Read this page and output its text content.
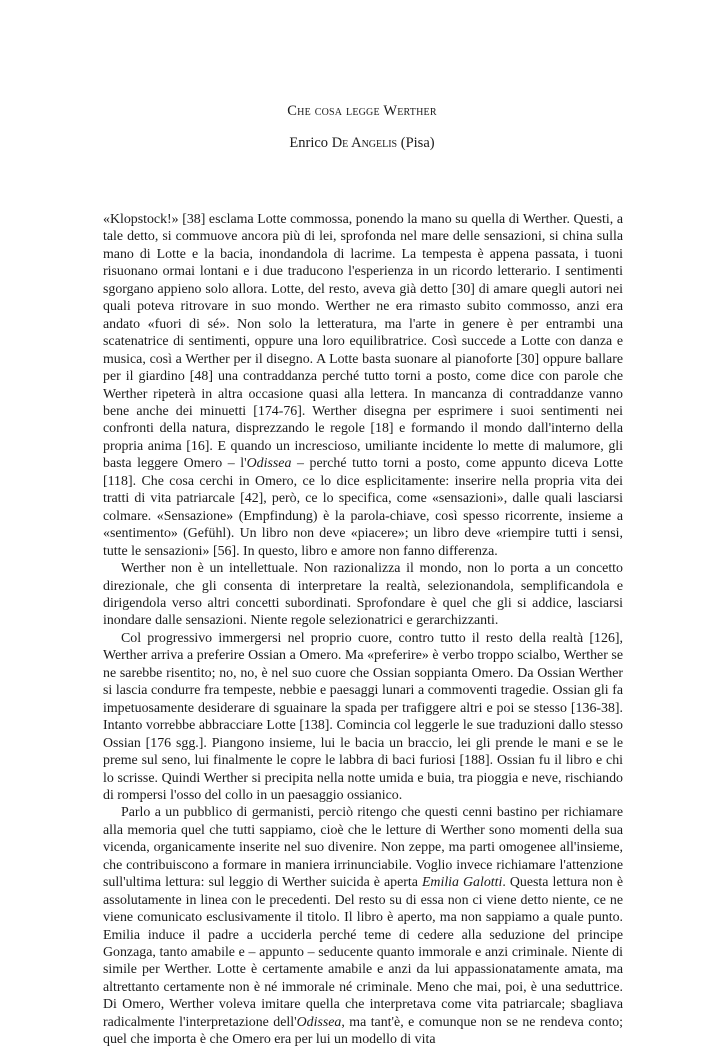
Che cosa legge Werther
Enrico De Angelis (Pisa)

«Klopstock!» [38] esclama Lotte commossa, ponendo la mano su quella di Werther. Questi, a tale detto, si commuove ancora più di lei, sprofonda nel mare delle sensazioni, si china sulla mano di Lotte e la bacia, inondandola di lacrime. La tempesta è appena passata, i tuoni risuonano ormai lontani e i due traducono l'esperienza in un ricordo letterario. I sentimenti sgorgano appieno solo allora. Lotte, del resto, aveva già detto [30] di amare quegli autori nei quali poteva ritrovare in suo mondo. Werther ne era rimasto subito commosso, anzi era andato «fuori di sé». Non solo la letteratura, ma l'arte in genere è per entrambi una scatenatrice di sentimenti, oppure una loro equilibratrice. Così succede a Lotte con danza e musica, così a Werther per il disegno. A Lotte basta suonare al pianoforte [30] oppure ballare per il giardino [48] una contraddanza perché tutto torni a posto, come dice con parole che Werther ripeterà in altra occasione quasi alla lettera. In mancanza di contraddanze vanno bene anche dei minuetti [174-76]. Werther disegna per esprimere i suoi sentimenti nei confronti della natura, disprezzando le regole [18] e formando il mondo dall'interno della propria anima [16]. E quando un increscioso, umiliante incidente lo mette di malumore, gli basta leggere Omero – l'Odissea – perché tutto torni a posto, come appunto diceva Lotte [118]. Che cosa cerchi in Omero, ce lo dice esplicitamente: inserire nella propria vita dei tratti di vita patriarcale [42], però, ce lo specifica, come «sensazioni», dalle quali lasciarsi colmare. «Sensazione» (Empfindung) è la parola-chiave, così spesso ricorrente, insieme a «sentimento» (Gefühl). Un libro non deve «piacere»; un libro deve «riempire tutti i sensi, tutte le sensazioni» [56]. In questo, libro e amore non fanno differenza.

Werther non è un intellettuale. Non razionalizza il mondo, non lo porta a un concetto direzionale, che gli consenta di interpretare la realtà, selezionandola, semplificandola e dirigendola verso altri concetti subordinati. Sprofondare è quel che gli si addice, lasciarsi inondare dalle sensazioni. Niente regole selezionatrici e gerarchizzanti.

Col progressivo immergersi nel proprio cuore, contro tutto il resto della realtà [126], Werther arriva a preferire Ossian a Omero. Ma «preferire» è verbo troppo scialbo, Werther se ne sarebbe risentito; no, no, è nel suo cuore che Ossian soppianta Omero. Da Ossian Werther si lascia condurre fra tempeste, nebbie e paesaggi lunari a commoventi tragedie. Ossian gli fa impetuosamente desiderare di sguainare la spada per trafiggere altri e poi se stesso [136-38]. Intanto vorrebbe abbracciare Lotte [138]. Comincia col leggerle le sue traduzioni dallo stesso Ossian [176 sgg.]. Piangono insieme, lui le bacia un braccio, lei gli prende le mani e se le preme sul seno, lui finalmente le copre le labbra di baci furiosi [188]. Ossian fu il libro e chi lo scrisse. Quindi Werther si precipita nella notte umida e buia, tra pioggia e neve, rischiando di rompersi l'osso del collo in un paesaggio ossianico.

Parlo a un pubblico di germanisti, perciò ritengo che questi cenni bastino per richiamare alla memoria quel che tutti sappiamo, cioè che le letture di Werther sono momenti della sua vicenda, organicamente inserite nel suo divenire. Non zeppe, ma parti omogenee all'insieme, che contribuiscono a formare in maniera irrinunciabile. Voglio invece richiamare l'attenzione sull'ultima lettura: sul leggio di Werther suicida è aperta Emilia Galotti. Questa lettura non è assolutamente in linea con le precedenti. Del resto su di essa non ci viene detto niente, ce ne viene comunicato esclusivamente il titolo. Il libro è aperto, ma non sappiamo a quale punto. Emilia induce il padre a ucciderla perché teme di cedere alla seduzione del principe Gonzaga, tanto amabile e – appunto – seducente quanto immorale e anzi criminale. Niente di simile per Werther. Lotte è certamente amabile e anzi da lui appassionatamente amata, ma altrettanto certamente non è né immorale né criminale. Meno che mai, poi, è una seduttrice. Di Omero, Werther voleva imitare quella che interpretava come vita patriarcale; sbagliava radicalmente l'interpretazione dell'Odissea, ma tant'è, e comunque non se ne rendeva conto; quel che importa è che Omero era per lui un modello di vita
